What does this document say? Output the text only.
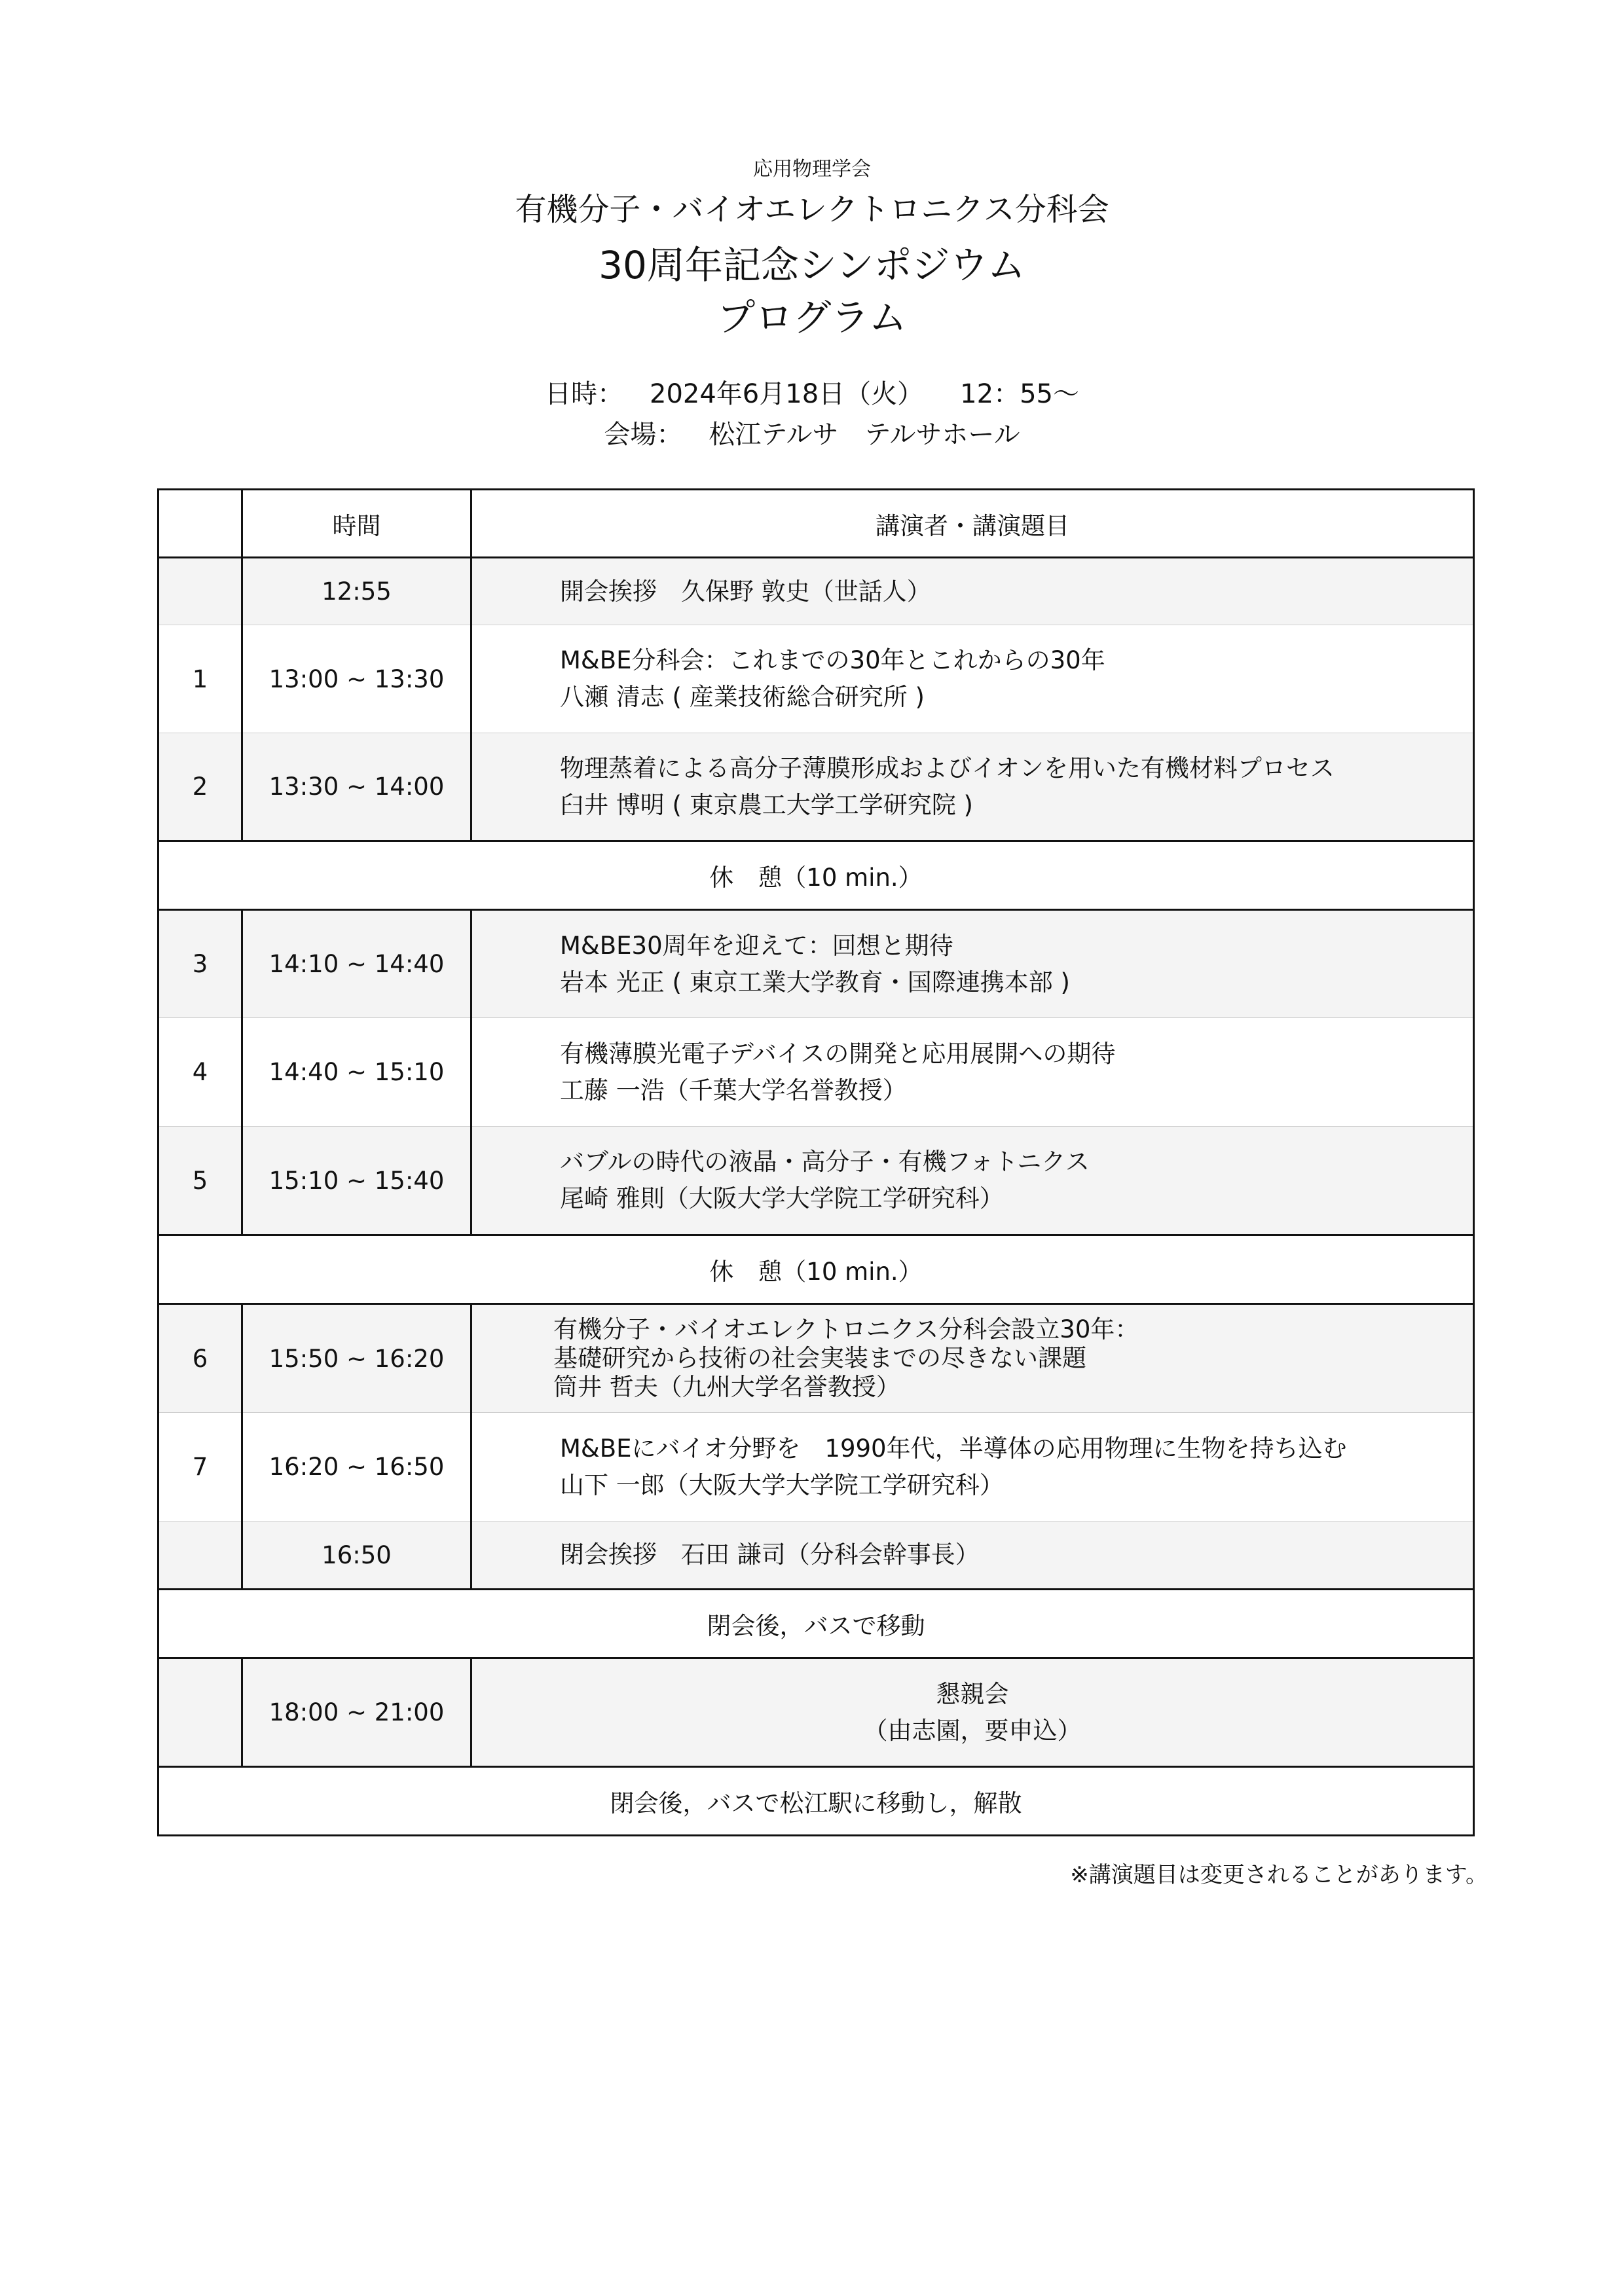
応用物理学会
有機分子・バイオエレクトロニクス分科会
30周年記念シンポジウム
プログラム
日時： 2024年6月18日（火） 12：55〜
会場： 松江テルサ　テルサホール
	時間	講演者・講演題目
	12:55	開会挨拶　久保野 敦史（世話人）

1	13:00 ~ 13:30	M&BE分科会：これまでの30年とこれからの30年
八瀬 清志 ( 産業技術総合研究所 )

2	13:30 ~ 14:00	物理蒸着による高分子薄膜形成およびイオンを用いた有機材料プロセス
臼井 博明 ( 東京農工大学工学研究院 )

休　憩（10 min.）		
3	14:10 ~ 14:40	M&BE30周年を迎えて：回想と期待
岩本 光正 ( 東京工業大学教育・国際連携本部 )

4	14:40 ~ 15:10	有機薄膜光電子デバイスの開発と応用展開への期待
工藤 一浩（千葉大学名誉教授）

5	15:10 ~ 15:40	バブルの時代の液晶・高分子・有機フォトニクス
尾崎 雅則（大阪大学大学院工学研究科）

休　憩（10 min.）		
6	15:50 ~ 16:20	有機分子・バイオエレクトロニクス分科会設立30年：
基礎研究から技術の社会実装までの尽きない課題
筒井 哲夫（九州大学名誉教授）

7	16:20 ~ 16:50	M&BEにバイオ分野を　1990年代，半導体の応用物理に生物を持ち込む
山下 一郎（大阪大学大学院工学研究科）

	16:50	閉会挨拶　石田 謙司（分科会幹事長）

閉会後，バスで移動		
	18:00 ~ 21:00	懇親会
（由志園，要申込）

閉会後，バスで松江駅に移動し，解散		
※講演題目は変更されることがあります。
